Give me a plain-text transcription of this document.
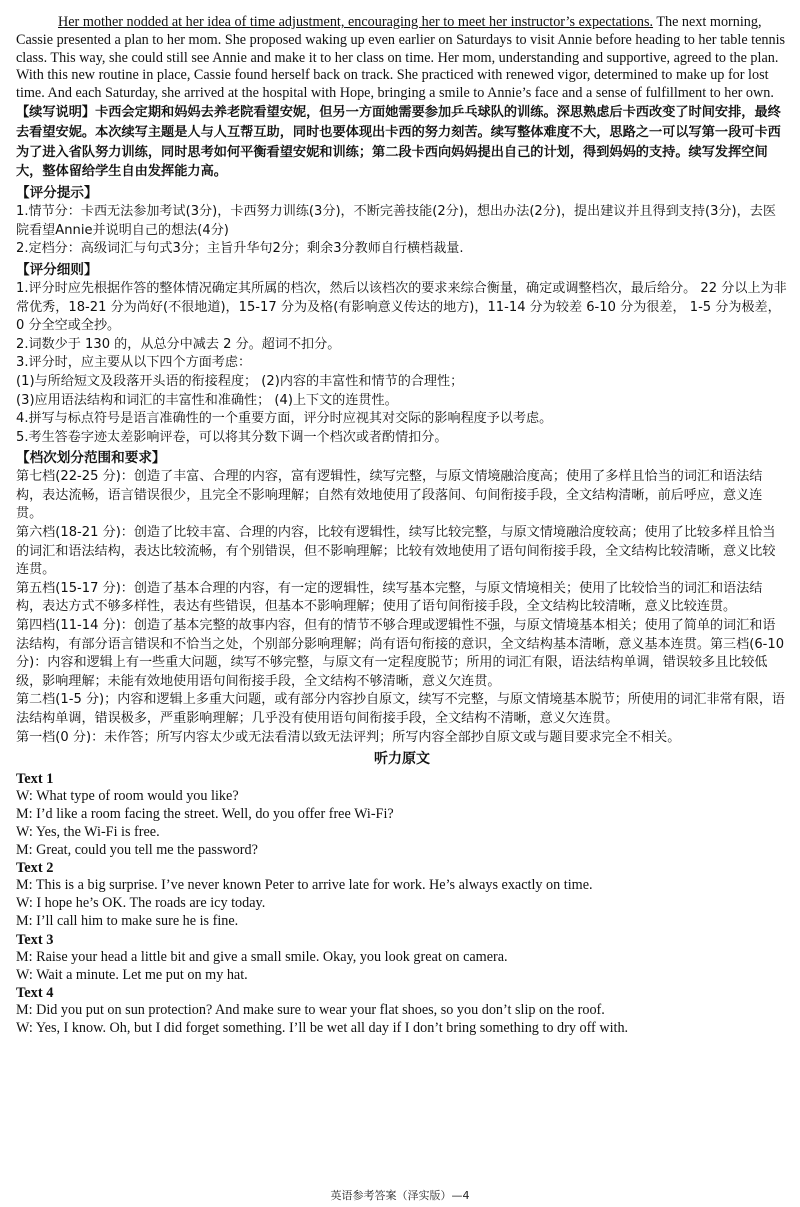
Her mother nodded at her idea of time adjustment, encouraging her to meet her instructor’s expectations. The next morning, Cassie presented a plan to her mom. She proposed waking up even earlier on Saturdays to visit Annie before heading to her table tennis class. This way, she could still see Annie and make it to her class on time. Her mom, understanding and supportive, agreed to the plan. With this new routine in place, Cassie found herself back on track. She practiced with renewed vigor, determined to make up for lost time. And each Saturday, she arrived at the hospital with Hope, bringing a smile to Annie’s face and a sense of fulfillment to her own.

【续写说明】卡西会定期和妈妈去养老院看望安妮，但另一方面她需要参加乒乓球队的训练。深思熟虑后卡西改变了时间安排，最终去看望安妮。本次续写主题是人与人互帮互助，同时也要体现出卡西的努力刻苦。续写整体难度不大，思路之一可以写第一段可卡西为了进入省队努力训练，同时思考如何平衡看望安妮和训练；第二段卡西向妈妈提出自己的计划，得到妈妈的支持。续写发挥空间大，整体留给学生自由发挥能力高。

【评分提示】

1.情节分：卡西无法参加考试(3分)，卡西努力训练(3分)，不断完善技能(2分)，想出办法(2分)，提出建议并且得到支持(3分)，去医院看望Annie并说明自己的想法(4分)

2.定档分：高级词汇与句式3分；主旨升华句2分；剩余3分教师自行横档裁量.

【评分细则】

1.评分时应先根据作答的整体情况确定其所属的档次，然后以该档次的要求来综合衡量，确定或调整档次，最后给分。 22 分以上为非常优秀，18-21 分为尚好(不很地道)，15-17 分为及格(有影响意义传达的地方)，11-14 分为较差 6-10 分为很差， 1-5 分为极差，0 分全空或全抄。

2.词数少于 130 的，从总分中减去 2 分。超词不扣分。

3.评分时，应主要从以下四个方面考虑：

(1)与所给短文及段落开头语的衔接程度； (2)内容的丰富性和情节的合理性；

(3)应用语法结构和词汇的丰富性和准确性； (4)上下文的连贯性。

4.拼写与标点符号是语言准确性的一个重要方面，评分时应视其对交际的影响程度予以考虑。

5.考生答卷字迹太差影响评卷，可以将其分数下调一个档次或者酌情扣分。

【档次划分范围和要求】

第七档(22-25 分)：创造了丰富、合理的内容，富有逻辑性，续写完整，与原文情境融洽度高；使用了多样且恰当的词汇和语法结构，表达流畅，语言错误很少，且完全不影响理解；自然有效地使用了段落间、句间衔接手段，全文结构清晰，前后呼应，意义连贯。

第六档(18-21 分)：创造了比较丰富、合理的内容，比较有逻辑性，续写比较完整，与原文情境融洽度较高；使用了比较多样且恰当的词汇和语法结构，表达比较流畅，有个别错误，但不影响理解；比较有效地使用了语句间衔接手段，全文结构比较清晰，意义比较连贯。

第五档(15-17 分)：创造了基本合理的内容，有一定的逻辑性，续写基本完整，与原文情境相关；使用了比较恰当的词汇和语法结构，表达方式不够多样性，表达有些错误，但基本不影响理解；使用了语句间衔接手段，全文结构比较清晰，意义比较连贯。

第四档(11-14 分)：创造了基本完整的故事内容，但有的情节不够合理或逻辑性不强，与原文情境基本相关；使用了简单的词汇和语法结构，有部分语言错误和不恰当之处，个别部分影响理解；尚有语句衔接的意识，全文结构基本清晰，意义基本连贯。第三档(6-10 分)：内容和逻辑上有一些重大问题，续写不够完整，与原文有一定程度脱节；所用的词汇有限，语法结构单调，错误较多且比较低级，影响理解；未能有效地使用语句间衔接手段，全文结构不够清晰，意义欠连贯。

第二档(1-5 分)；内容和逻辑上多重大问题，或有部分内容抄自原文，续写不完整，与原文情境基本脱节；所使用的词汇非常有限，语法结构单调，错误极多，严重影响理解；几乎没有使用语句间衔接手段，全文结构不清晰，意义欠连贯。

第一档(0 分)：未作答；所写内容太少或无法看清以致无法评判；所写内容全部抄自原文或与题目要求完全不相关。

听力原文
Text 1

W: What type of room would you like?

M: I’d like a room facing the street. Well, do you offer free Wi-Fi?

W: Yes, the Wi-Fi is free.

M: Great, could you tell me the password?

Text 2

M: This is a big surprise. I’ve never known Peter to arrive late for work. He’s always exactly on time.

W: I hope he’s OK. The roads are icy today.

M: I’ll call him to make sure he is fine.

Text 3

M: Raise your head a little bit and give a small smile. Okay, you look great on camera.

W: Wait a minute. Let me put on my hat.

Text 4

M: Did you put on sun protection? And make sure to wear your flat shoes, so you don’t slip on the roof.

W: Yes, I know. Oh, but I did forget something. I’ll be wet all day if I don’t bring something to dry off with.

英语参考答案（泽实版）—4
